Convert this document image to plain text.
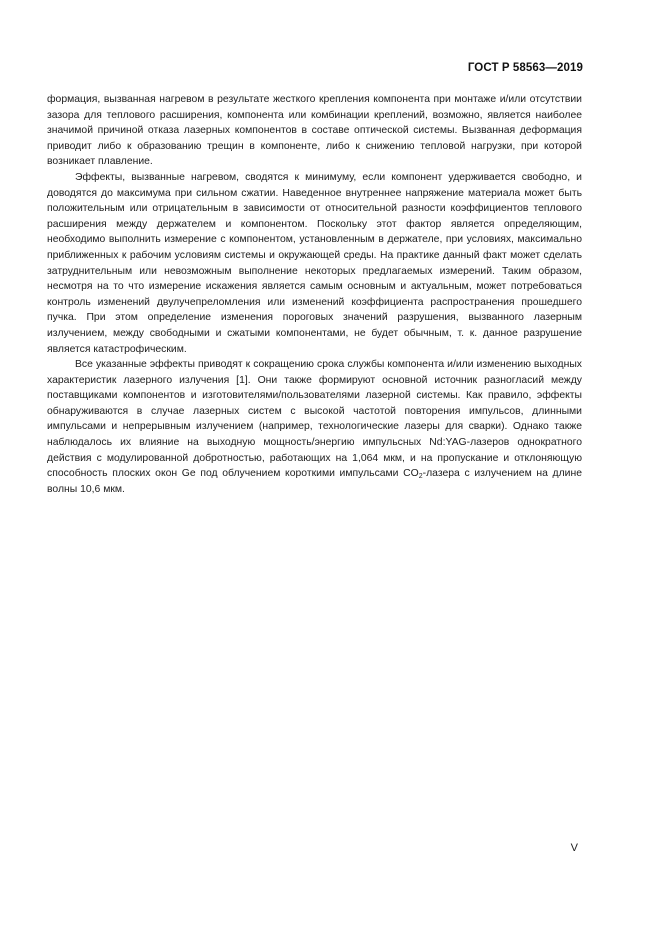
ГОСТ Р 58563—2019

формация, вызванная нагревом в результате жесткого крепления компонента при монтаже и/или отсутствии зазора для теплового расширения, компонента или комбинации креплений, возможно, является наиболее значимой причиной отказа лазерных компонентов в составе оптической системы. Вызванная деформация приводит либо к образованию трещин в компоненте, либо к снижению тепловой нагрузки, при которой возникает плавление.

Эффекты, вызванные нагревом, сводятся к минимуму, если компонент удерживается свободно, и доводятся до максимума при сильном сжатии. Наведенное внутреннее напряжение материала может быть положительным или отрицательным в зависимости от относительной разности коэффициентов теплового расширения между держателем и компонентом. Поскольку этот фактор является определяющим, необходимо выполнить измерение с компонентом, установленным в держателе, при условиях, максимально приближенных к рабочим условиям системы и окружающей среды. На практике данный факт может сделать затруднительным или невозможным выполнение некоторых предлагаемых измерений. Таким образом, несмотря на то что измерение искажения является самым основным и актуальным, может потребоваться контроль изменений двулучепреломления или изменений коэффициента распространения прошедшего пучка. При этом определение изменения пороговых значений разрушения, вызванного лазерным излучением, между свободными и сжатыми компонентами, не будет обычным, т. к. данное разрушение является катастрофическим.

Все указанные эффекты приводят к сокращению срока службы компонента и/или изменению выходных характеристик лазерного излучения [1]. Они также формируют основной источник разногласий между поставщиками компонентов и изготовителями/пользователями лазерной системы. Как правило, эффекты обнаруживаются в случае лазерных систем с высокой частотой повторения импульсов, длинными импульсами и непрерывным излучением (например, технологические лазеры для сварки). Однако также наблюдалось их влияние на выходную мощность/энергию импульсных Nd:YAG-лазеров однократного действия с модулированной добротностью, работающих на 1,064 мкм, и на пропускание и отклоняющую способность плоских окон Ge под облучением короткими импульсами $CO_2$-лазера с излучением на длине волны 10,6 мкм.

V
